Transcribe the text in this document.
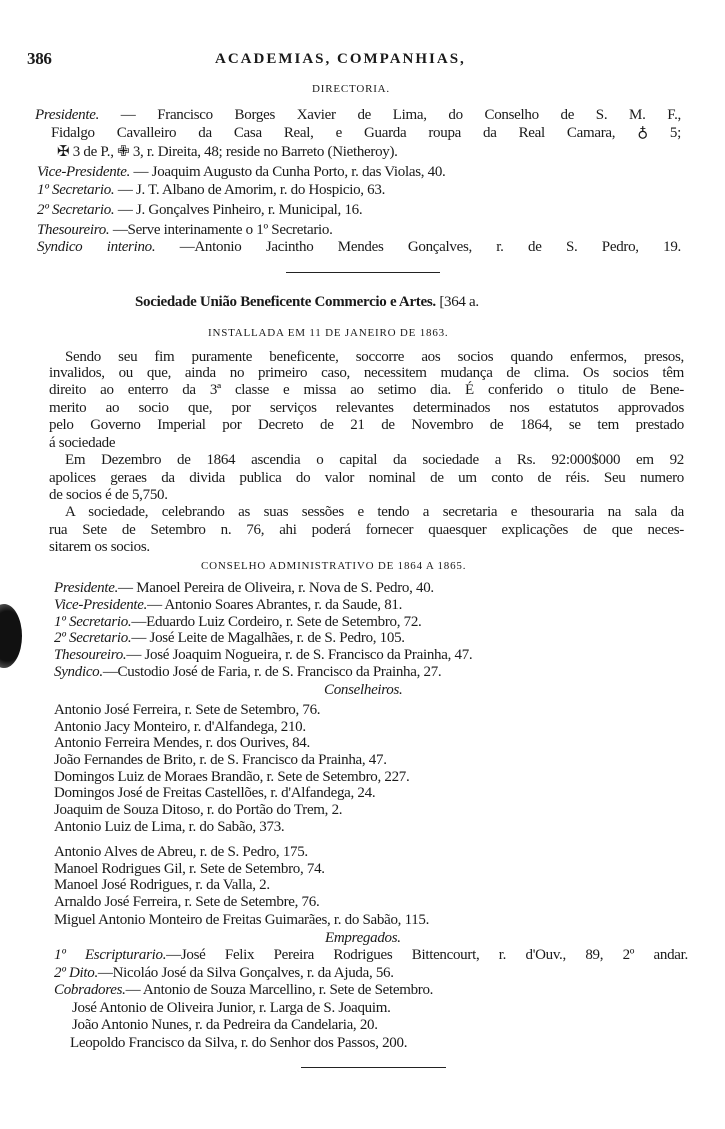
386	ACADEMIAS, COMPANHIAS,
DIRECTORIA.
Presidente. — Francisco Borges Xavier de Lima, do Conselho de S. M. F.,
Fidalgo Cavalleiro da Casa Real, e Guarda roupa da Real Camara, ♁ 5;
✠ 3 de P., ✙ 3, r. Direita, 48; reside no Barreto (Nietheroy).
Vice-Presidente. — Joaquim Augusto da Cunha Porto, r. das Violas, 40.
1º Secretario. — J. T. Albano de Amorim, r. do Hospicio, 63.
2º Secretario. — J. Gonçalves Pinheiro, r. Municipal, 16.
Thesoureiro. —Serve interinamente o 1º Secretario.
Syndico interino. —Antonio Jacintho Mendes Gonçalves, r. de S. Pedro, 19.
Sociedade União Beneficente Commercio e Artes. [364 a.
INSTALLADA EM 11 DE JANEIRO DE 1863.
Sendo seu fim puramente beneficente, soccorre aos socios quando enfermos, presos,
invalidos, ou que, ainda no primeiro caso, necessitem mudança de clima. Os socios têm
direito ao enterro da 3ª classe e missa ao setimo dia. É conferido o titulo de Bene-
merito ao socio que, por serviços relevantes determinados nos estatutos approvados
pelo Governo Imperial por Decreto de 21 de Novembro de 1864, se tem prestado
á sociedade
Em Dezembro de 1864 ascendia o capital da sociedade a Rs. 92:000$000 em 92
apolices geraes da divida publica do valor nominal de um conto de réis. Seu numero
de socios é de 5,750.
A sociedade, celebrando as suas sessões e tendo a secretaria e thesouraria na sala da
rua Sete de Setembro n. 76, ahi poderá fornecer quaesquer explicações de que neces-
sitarem os socios.
CONSELHO ADMINISTRATIVO DE 1864 A 1865.
Presidente.— Manoel Pereira de Oliveira, r. Nova de S. Pedro, 40.
Vice-Presidente.— Antonio Soares Abrantes, r. da Saude, 81.
1º Secretario.—Eduardo Luiz Cordeiro, r. Sete de Setembro, 72.
2º Secretario.— José Leite de Magalhães, r. de S. Pedro, 105.
Thesoureiro.— José Joaquim Nogueira, r. de S. Francisco da Prainha, 47.
Syndico.—Custodio José de Faria, r. de S. Francisco da Prainha, 27.
Conselheiros.
Antonio José Ferreira, r. Sete de Setembro, 76.
Antonio Jacy Monteiro, r. d'Alfandega, 210.
Antonio Ferreira Mendes, r. dos Ourives, 84.
João Fernandes de Brito, r. de S. Francisco da Prainha, 47.
Domingos Luiz de Moraes Brandão, r. Sete de Setembro, 227.
Domingos José de Freitas Castellões, r. d'Alfandega, 24.
Joaquim de Souza Ditoso, r. do Portão do Trem, 2.
Antonio Luiz de Lima, r. do Sabão, 373.
Antonio Alves de Abreu, r. de S. Pedro, 175.
Manoel Rodrigues Gil, r. Sete de Setembro, 74.
Manoel José Rodrigues, r. da Valla, 2.
Arnaldo José Ferreira, r. Sete de Setembre, 76.
Miguel Antonio Monteiro de Freitas Guimarães, r. do Sabão, 115.
Empregados.
1º Escripturario.—José Felix Pereira Rodrigues Bittencourt, r. d'Ouv., 89, 2º andar.
2º Dito.—Nicoláo José da Silva Gonçalves, r. da Ajuda, 56.
Cobradores.— Antonio de Souza Marcellino, r. Sete de Setembro.
José Antonio de Oliveira Junior, r. Larga de S. Joaquim.
João Antonio Nunes, r. da Pedreira da Candelaria, 20.
Leopoldo Francisco da Silva, r. do Senhor dos Passos, 200.
